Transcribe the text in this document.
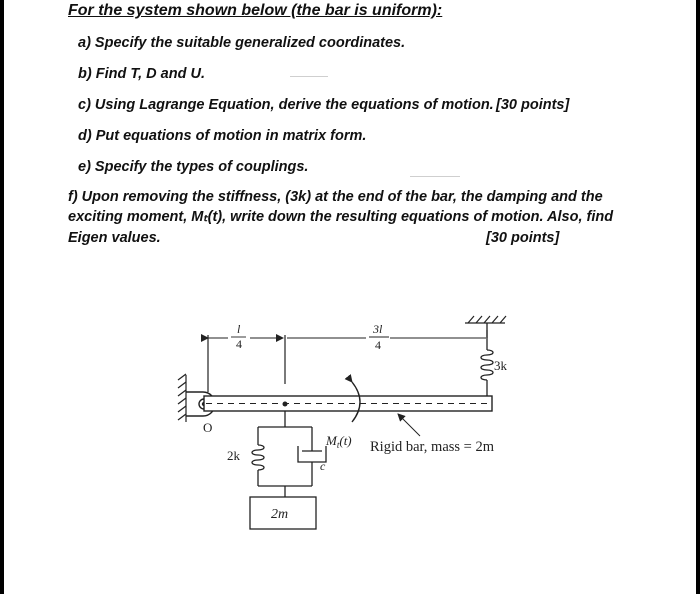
For the system shown below (the bar is uniform):
a) Specify the suitable generalized coordinates.
b) Find T, D and U.
c) Using Lagrange Equation, derive the equations of motion. [30 points]
d) Put equations of motion in matrix form.
e) Specify the types of couplings.
f) Upon removing the stiffness, (3k) at the end of the bar, the damping and the
exciting moment, Mₜ(t), write down the resulting equations of motion. Also, find
Eigen values.	[30 points]
O
l
4
3l
4
3k
2k
c
2m
$M_t(t)$ Rigid bar, mass = 2m
